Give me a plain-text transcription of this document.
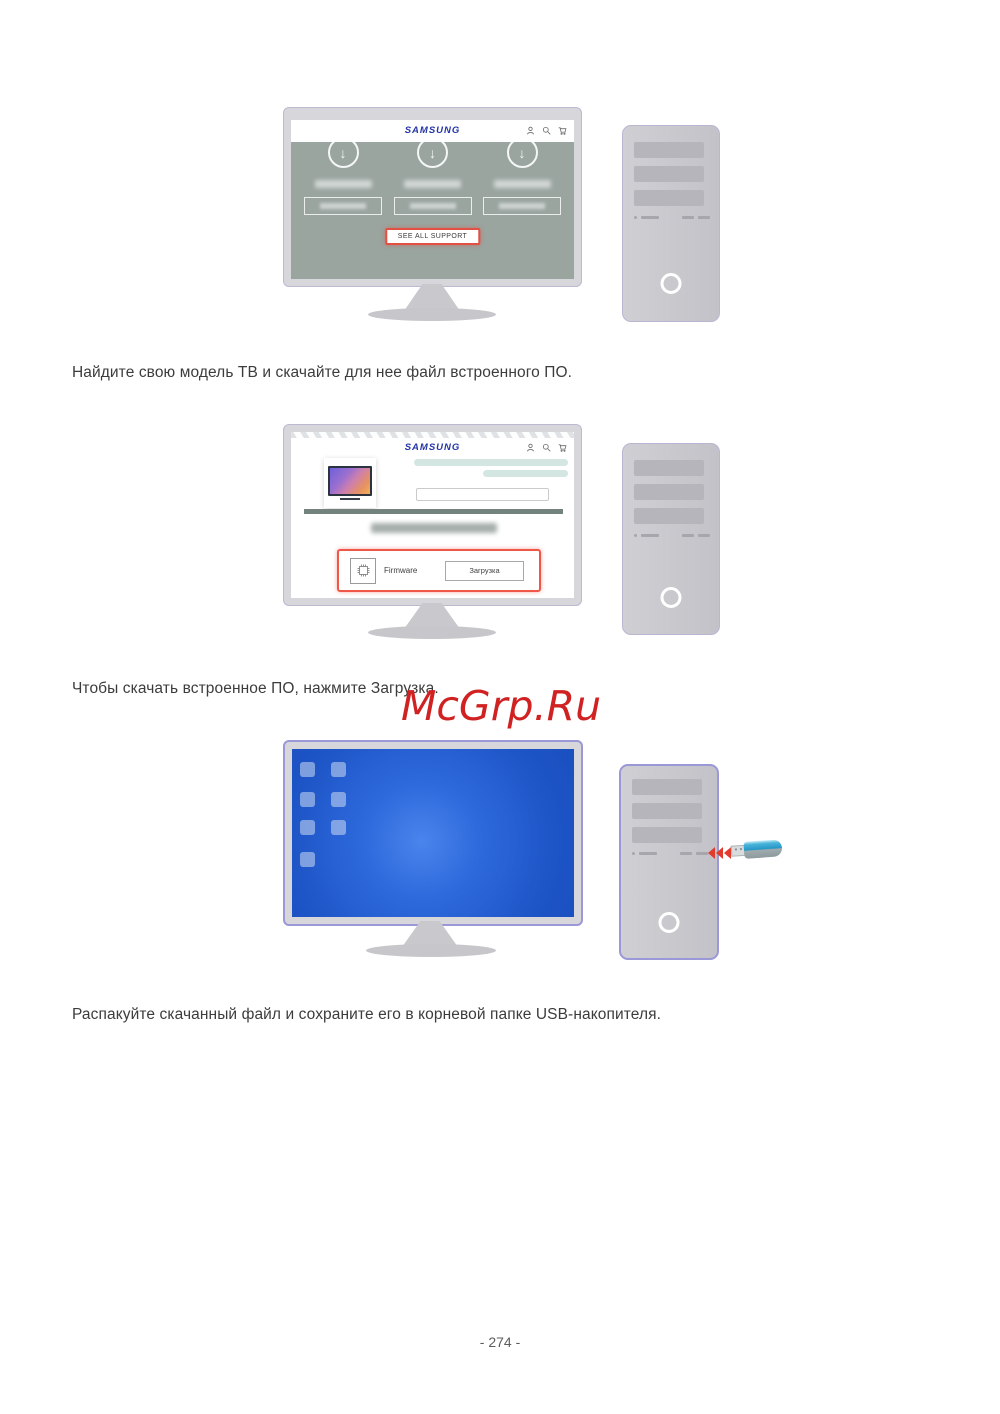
SAMSUNG
↓	↓	↓
SEE ALL SUPPORT

Найдите свою модель ТВ и скачайте для нее файл встроенного ПО.

SAMSUNG
Firmware	Загрузка

Чтобы скачать встроенное ПО, нажмите Загрузка.

McGrp.Ru

Распакуйте скачанный файл и сохраните его в корневой папке USB-накопителя.

- 274 -
